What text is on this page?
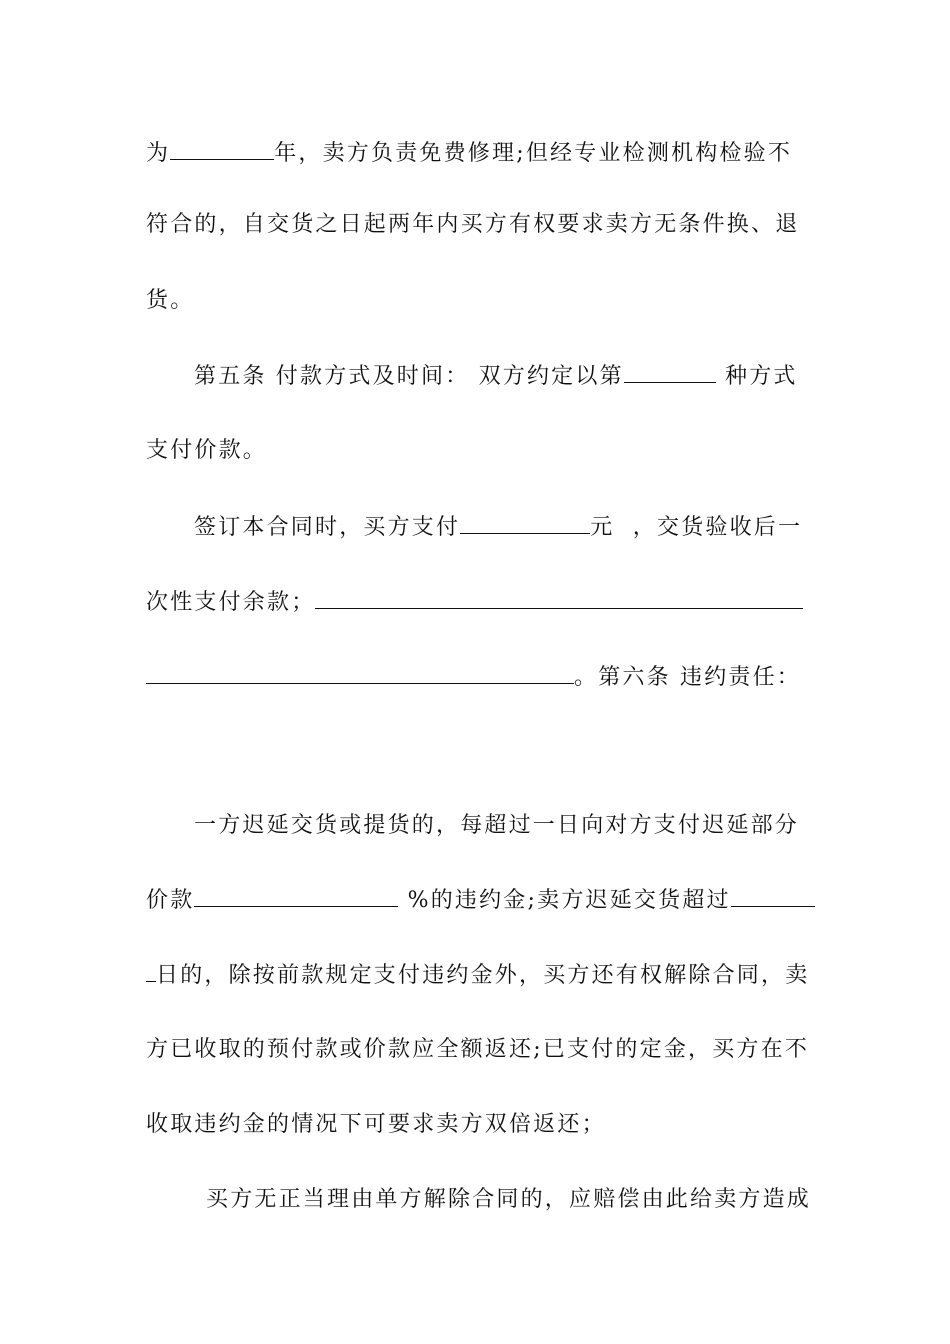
为	年，卖方负责免费修理;但经专业检测机构检验不
符合的，自交货之日起两年内买方有权要求卖方无条件换、退
货。
第五条 付款方式及时间： 双方约定以第	种方式
支付价款。
签订本合同时，买方支付	元  ，交货验收后一
次性支付余款；
。第六条 违约责任：
一方迟延交货或提货的，每超过一日向对方支付迟延部分
价款	%的违约金;卖方迟延交货超过
日的，除按前款规定支付违约金外，买方还有权解除合同，卖
方已收取的预付款或价款应全额返还;已支付的定金，买方在不
收取违约金的情况下可要求卖方双倍返还；
买方无正当理由单方解除合同的，应赔偿由此给卖方造成
